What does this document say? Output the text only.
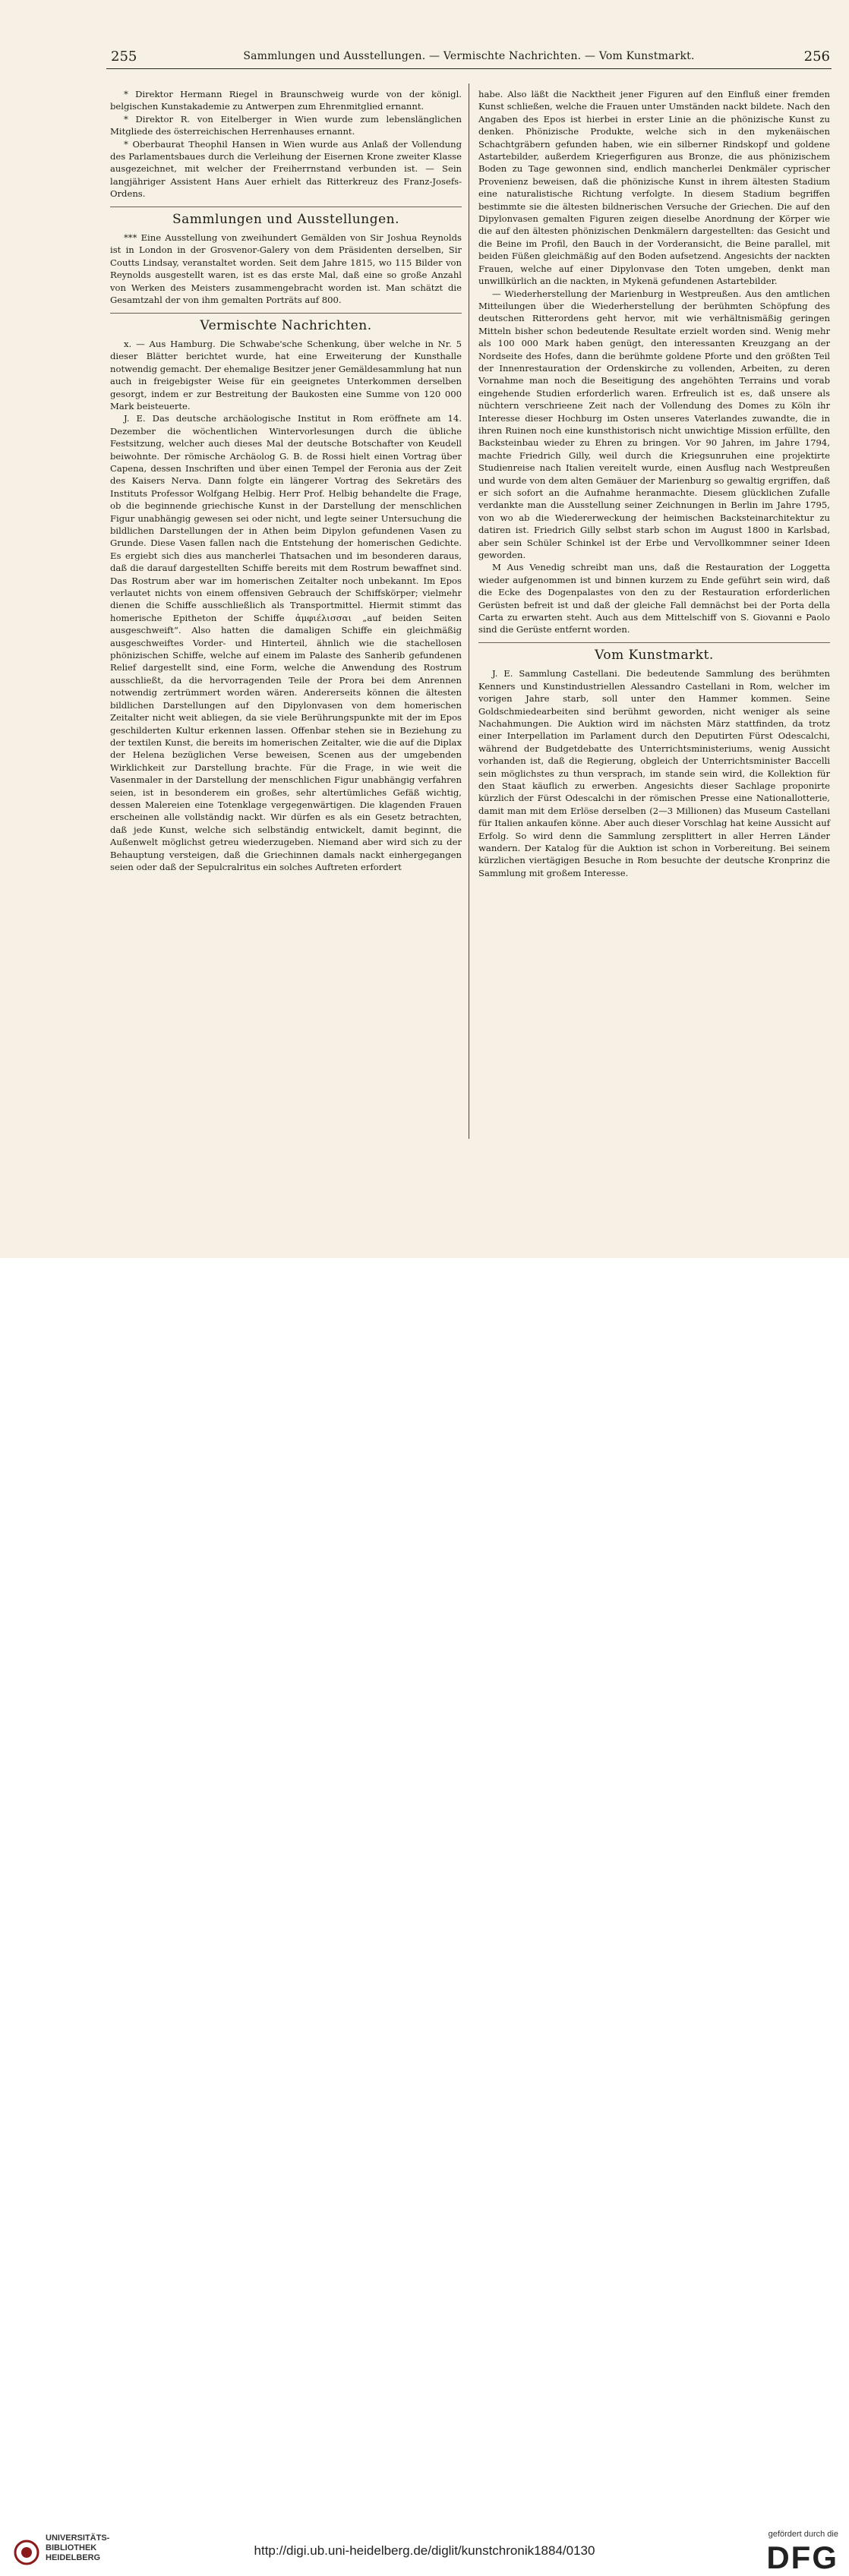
255	Sammlungen und Ausstellungen. — Vermischte Nachrichten. — Vom Kunstmarkt.	256

* Direktor Hermann Riegel in Braunschweig wurde von der königl. belgischen Kunstakademie zu Antwerpen zum Ehrenmitglied ernannt.

* Direktor R. von Eitelberger in Wien wurde zum lebenslänglichen Mitgliede des österreichischen Herrenhauses ernannt.

* Oberbaurat Theophil Hansen in Wien wurde aus Anlaß der Vollendung des Parlamentsbaues durch die Verleihung der Eisernen Krone zweiter Klasse ausgezeichnet, mit welcher der Freiherrnstand verbunden ist. — Sein langjähriger Assistent Hans Auer erhielt das Ritterkreuz des Franz-Josefs-Ordens.

Sammlungen und Ausstellungen.

*** Eine Ausstellung von zweihundert Gemälden von Sir Joshua Reynolds ist in London in der Grosvenor-Galery von dem Präsidenten derselben, Sir Coutts Lindsay, veranstaltet worden. Seit dem Jahre 1815, wo 115 Bilder von Reynolds ausgestellt waren, ist es das erste Mal, daß eine so große Anzahl von Werken des Meisters zusammengebracht worden ist. Man schätzt die Gesamtzahl der von ihm gemalten Porträts auf 800.

Vermischte Nachrichten.

x. — Aus Hamburg. Die Schwabe'sche Schenkung, über welche in Nr. 5 dieser Blätter berichtet wurde, hat eine Erweiterung der Kunsthalle notwendig gemacht. Der ehemalige Besitzer jener Gemäldesammlung hat nun auch in freigebigster Weise für ein geeignetes Unterkommen derselben gesorgt, indem er zur Bestreitung der Baukosten eine Summe von 120 000 Mark beisteuerte.

J. E. Das deutsche archäologische Institut in Rom eröffnete am 14. Dezember die wöchentlichen Wintervorlesungen durch die übliche Festsitzung, welcher auch dieses Mal der deutsche Botschafter von Keudell beiwohnte. Der römische Archäolog G. B. de Rossi hielt einen Vortrag über Capena, dessen Inschriften und über einen Tempel der Feronia aus der Zeit des Kaisers Nerva. Dann folgte ein längerer Vortrag des Sekretärs des Instituts Professor Wolfgang Helbig. Herr Prof. Helbig behandelte die Frage, ob die beginnende griechische Kunst in der Darstellung der menschlichen Figur unabhängig gewesen sei oder nicht, und legte seiner Untersuchung die bildlichen Darstellungen der in Athen beim Dipylon gefundenen Vasen zu Grunde. Diese Vasen fallen nach die Entstehung der homerischen Gedichte. Es ergiebt sich dies aus mancherlei Thatsachen und im besonderen daraus, daß die darauf dargestellten Schiffe bereits mit dem Rostrum bewaffnet sind. Das Rostrum aber war im homerischen Zeitalter noch unbekannt. Im Epos verlautet nichts von einem offensiven Gebrauch der Schiffskörper; vielmehr dienen die Schiffe ausschließlich als Transportmittel. Hiermit stimmt das homerische Epitheton der Schiffe ἀμφιέλισσαι „auf beiden Seiten ausgeschweift“. Also hatten die damaligen Schiffe ein gleichmäßig ausgeschweiftes Vorder- und Hinterteil, ähnlich wie die stachellosen phönizischen Schiffe, welche auf einem im Palaste des Sanherib gefundenen Relief dargestellt sind, eine Form, welche die Anwendung des Rostrum ausschließt, da die hervorragenden Teile der Prora bei dem Anrennen notwendig zertrümmert worden wären. Andererseits können die ältesten bildlichen Darstellungen auf den Dipylonvasen von dem homerischen Zeitalter nicht weit abliegen, da sie viele Berührungspunkte mit der im Epos geschilderten Kultur erkennen lassen. Offenbar stehen sie in Beziehung zu der textilen Kunst, die bereits im homerischen Zeitalter, wie die auf die Diplax der Helena bezüglichen Verse beweisen, Scenen aus der umgebenden Wirklichkeit zur Darstellung brachte. Für die Frage, in wie weit die Vasenmaler in der Darstellung der menschlichen Figur unabhängig verfahren seien, ist in besonderem ein großes, sehr altertümliches Gefäß wichtig, dessen Malereien eine Totenklage vergegenwärtigen. Die klagenden Frauen erscheinen alle vollständig nackt. Wir dürfen es als ein Gesetz betrachten, daß jede Kunst, welche sich selbständig entwickelt, damit beginnt, die Außenwelt möglichst getreu wiederzugeben. Niemand aber wird sich zu der Behauptung versteigen, daß die Griechinnen damals nackt einhergegangen seien oder daß der Sepulcralritus ein solches Auftreten erfordert

habe. Also läßt die Nacktheit jener Figuren auf den Einfluß einer fremden Kunst schließen, welche die Frauen unter Umständen nackt bildete. Nach den Angaben des Epos ist hierbei in erster Linie an die phönizische Kunst zu denken. Phönizische Produkte, welche sich in den mykenäischen Schachtgräbern gefunden haben, wie ein silberner Rindskopf und goldene Astartebilder, außerdem Kriegerfiguren aus Bronze, die aus phönizischem Boden zu Tage gewonnen sind, endlich mancherlei Denkmäler cyprischer Provenienz beweisen, daß die phönizische Kunst in ihrem ältesten Stadium eine naturalistische Richtung verfolgte. In diesem Stadium begriffen bestimmte sie die ältesten bildnerischen Versuche der Griechen. Die auf den Dipylonvasen gemalten Figuren zeigen dieselbe Anordnung der Körper wie die auf den ältesten phönizischen Denkmälern dargestellten: das Gesicht und die Beine im Profil, den Bauch in der Vorderansicht, die Beine parallel, mit beiden Füßen gleichmäßig auf den Boden aufsetzend. Angesichts der nackten Frauen, welche auf einer Dipylonvase den Toten umgeben, denkt man unwillkürlich an die nackten, in Mykenä gefundenen Astartebilder.

— Wiederherstellung der Marienburg in Westpreußen. Aus den amtlichen Mitteilungen über die Wiederherstellung der berühmten Schöpfung des deutschen Ritterordens geht hervor, mit wie verhältnismäßig geringen Mitteln bisher schon bedeutende Resultate erzielt worden sind. Wenig mehr als 100 000 Mark haben genügt, den interessanten Kreuzgang an der Nordseite des Hofes, dann die berühmte goldene Pforte und den größten Teil der Innenrestauration der Ordenskirche zu vollenden, Arbeiten, zu deren Vornahme man noch die Beseitigung des angehöhten Terrains und vorab eingehende Studien erforderlich waren. Erfreulich ist es, daß unsere als nüchtern verschrieene Zeit nach der Vollendung des Domes zu Köln ihr Interesse dieser Hochburg im Osten unseres Vaterlandes zuwandte, die in ihren Ruinen noch eine kunsthistorisch nicht unwichtige Mission erfüllte, den Backsteinbau wieder zu Ehren zu bringen. Vor 90 Jahren, im Jahre 1794, machte Friedrich Gilly, weil durch die Kriegsunruhen eine projektirte Studienreise nach Italien vereitelt wurde, einen Ausflug nach Westpreußen und wurde von dem alten Gemäuer der Marienburg so gewaltig ergriffen, daß er sich sofort an die Aufnahme heranmachte. Diesem glücklichen Zufalle verdankte man die Ausstellung seiner Zeichnungen in Berlin im Jahre 1795, von wo ab die Wiedererweckung der heimischen Backsteinarchitektur zu datiren ist. Friedrich Gilly selbst starb schon im August 1800 in Karlsbad, aber sein Schüler Schinkel ist der Erbe und Vervollkommner seiner Ideen geworden.

M Aus Venedig schreibt man uns, daß die Restauration der Loggetta wieder aufgenommen ist und binnen kurzem zu Ende geführt sein wird, daß die Ecke des Dogenpalastes von den zu der Restauration erforderlichen Gerüsten befreit ist und daß der gleiche Fall demnächst bei der Porta della Carta zu erwarten steht. Auch aus dem Mittelschiff von S. Giovanni e Paolo sind die Gerüste entfernt worden.

Vom Kunstmarkt.

J. E. Sammlung Castellani. Die bedeutende Sammlung des berühmten Kenners und Kunstindustriellen Alessandro Castellani in Rom, welcher im vorigen Jahre starb, soll unter den Hammer kommen. Seine Goldschmiedearbeiten sind berühmt geworden, nicht weniger als seine Nachahmungen. Die Auktion wird im nächsten März stattfinden, da trotz einer Interpellation im Parlament durch den Deputirten Fürst Odescalchi, während der Budgetdebatte des Unterrichtsministeriums, wenig Aussicht vorhanden ist, daß die Regierung, obgleich der Unterrichtsminister Baccelli sein möglichstes zu thun versprach, im stande sein wird, die Kollektion für den Staat käuflich zu erwerben. Angesichts dieser Sachlage proponirte kürzlich der Fürst Odescalchi in der römischen Presse eine Nationallotterie, damit man mit dem Erlöse derselben (2—3 Millionen) das Museum Castellani für Italien ankaufen könne. Aber auch dieser Vorschlag hat keine Aussicht auf Erfolg. So wird denn die Sammlung zersplittert in aller Herren Länder wandern. Der Katalog für die Auktion ist schon in Vorbereitung. Bei seinem kürzlichen viertägigen Besuche in Rom besuchte der deutsche Kronprinz die Sammlung mit großem Interesse.

UNIVERSITÄTS-
BIBLIOTHEK
HEIDELBERG	http://digi.ub.uni-heidelberg.de/diglit/kunstchronik1884/0130
gefördert durch die
DFG
